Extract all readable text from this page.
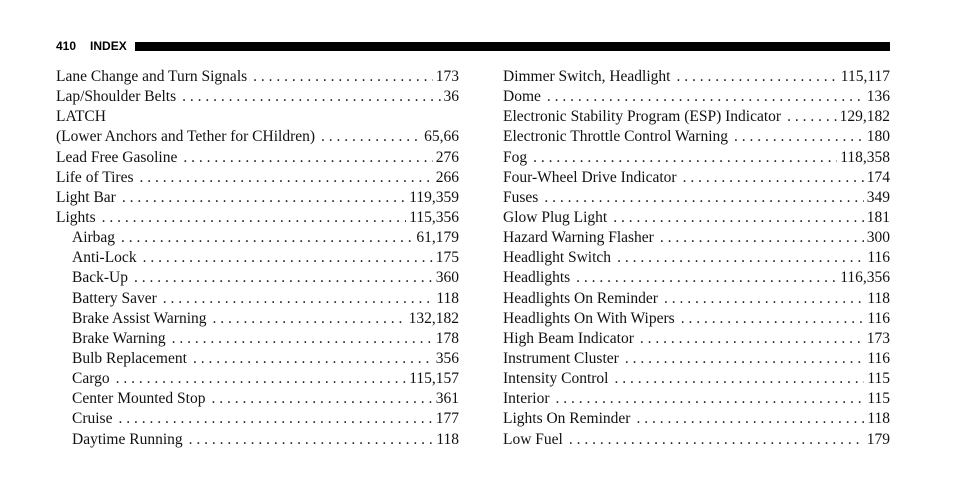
410 INDEX
Lane Change and Turn Signals . . .	173
Lap/Shoulder Belts . . .	36
LATCH
(Lower Anchors and Tether for CHildren) . . .	65,66
Lead Free Gasoline . . .	276
Life of Tires . . .	266
Light Bar . . .	119,359
Lights . . .	115,356
Airbag . . .	61,179
Anti-Lock . . .	175
Back-Up . . .	360
Battery Saver . . .	118
Brake Assist Warning . . .	132,182
Brake Warning . . .	178
Bulb Replacement . . .	356
Cargo . . .	115,157
Center Mounted Stop . . .	361
Cruise . . .	177
Daytime Running . . .	118
Dimmer Switch, Headlight . . .	115,117
Dome . . .	136
Electronic Stability Program (ESP) Indicator . . .	129,182
Electronic Throttle Control Warning . . .	180
Fog . . .	118,358
Four-Wheel Drive Indicator . . .	174
Fuses . . .	349
Glow Plug Light . . .	181
Hazard Warning Flasher . . .	300
Headlight Switch . . .	116
Headlights . . .	116,356
Headlights On Reminder . . .	118
Headlights On With Wipers . . .	116
High Beam Indicator . . .	173
Instrument Cluster . . .	116
Intensity Control . . .	115
Interior . . .	115
Lights On Reminder . . .	118
Low Fuel . . .	179
